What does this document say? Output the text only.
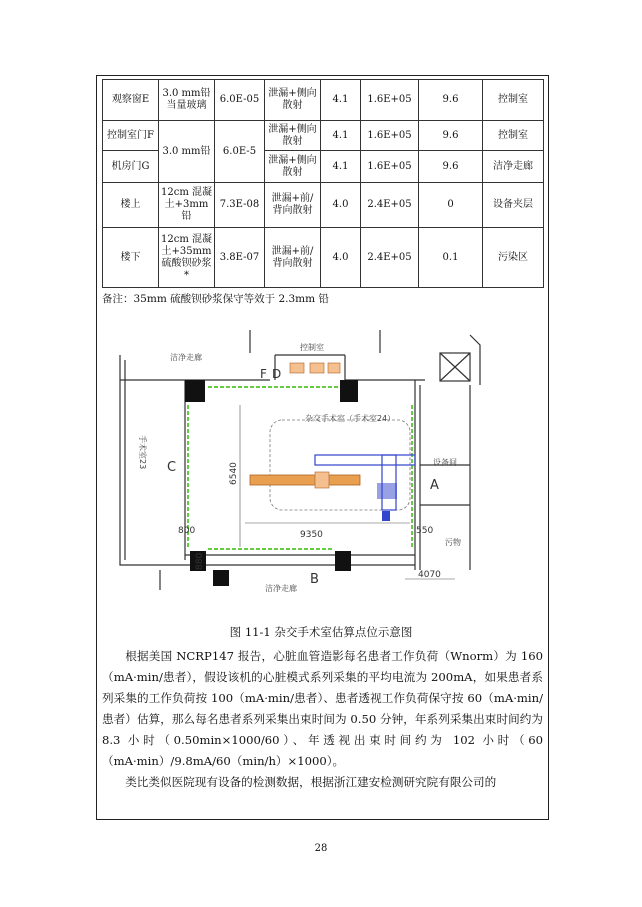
观察窗E	3.0 mm铅当量玻璃	6.0E-05	泄漏+侧向散射	4.1	1.6E+05	9.6	控制室
控制室门F	3.0 mm铅	6.0E-5	泄漏+侧向散射	4.1	1.6E+05	9.6	控制室
机房门G			泄漏+侧向散射	4.1	1.6E+05	9.6	洁净走廊
楼上	12cm 混凝土+3mm铅	7.3E-08	泄漏+前/背向散射	4.0	2.4E+05	0	设备夹层
楼下	12cm 混凝土+35mm硫酸钡砂浆*	3.8E-07	泄漏+前/背向散射	4.0	2.4E+05	0.1	污染区
备注：35mm 硫酸钡砂浆保守等效于 2.3mm 铅
F D
A
B
C
洁净走廊
控制室
杂交手术室（手术室24）
手术室23	设备间
污物
洁净走廊
9350
6540
800	550
880
4070
图 11-1 杂交手术室估算点位示意图

根据美国 NCRP147 报告，心脏血管造影每名患者工作负荷（Wnorm）为 160（mA·min/患者），假设该机的心脏模式系列采集的平均电流为 200mA，如果患者系列采集的工作负荷按 100（mA·min/患者）、患者透视工作负荷保守按 60（mA·min/患者）估算，那么每名患者系列采集出束时间为 0.50 分钟，年系列采集出束时间约为 8.3 小时（0.50min×1000/60）、年透视出束时间约为 102 小时（60（mA·min）/9.8mA/60（min/h）×1000）。

类比类似医院现有设备的检测数据，根据浙江建安检测研究院有限公司的

28
